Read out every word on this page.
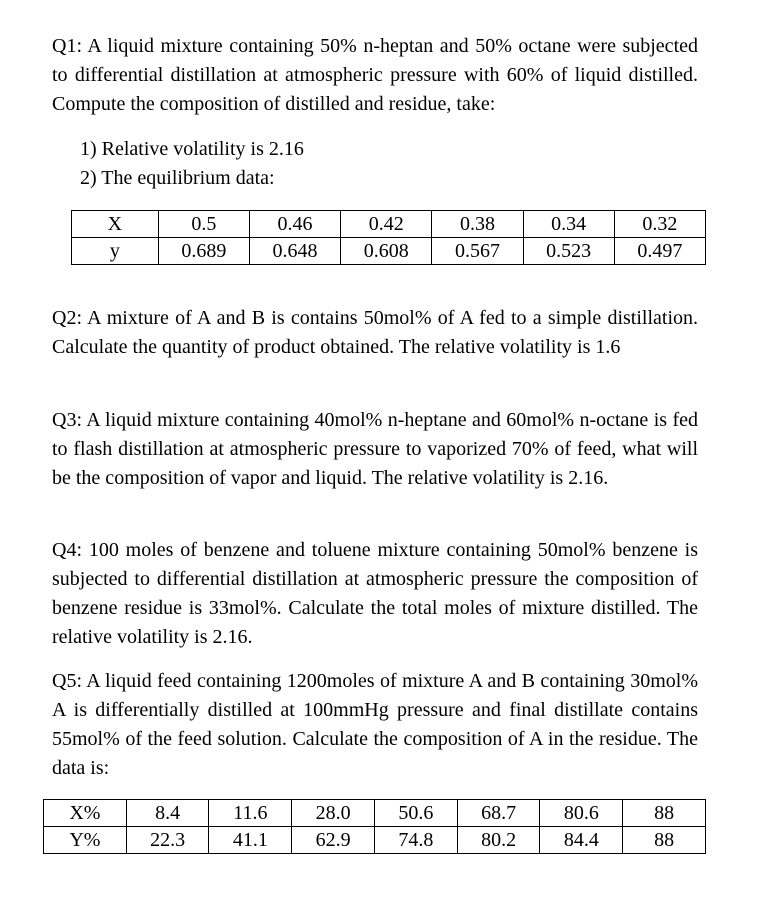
Q1: A liquid mixture containing 50% n-heptan and 50% octane were subjected to differential distillation at atmospheric pressure with 60% of liquid distilled. Compute the composition of distilled and residue, take:

1) Relative volatility is 2.16
2) The equilibrium data:
X	0.5	0.46	0.42	0.38	0.34	0.32
y	0.689	0.648	0.608	0.567	0.523	0.497

Q2: A mixture of A and B is contains 50mol% of A fed to a simple distillation. Calculate the quantity of product obtained. The relative volatility is 1.6

Q3: A liquid mixture containing 40mol% n-heptane and 60mol% n-octane is fed to flash distillation at atmospheric pressure to vaporized 70% of feed, what will be the composition of vapor and liquid. The relative volatility is 2.16.

Q4: 100 moles of benzene and toluene mixture containing 50mol% benzene is subjected to differential distillation at atmospheric pressure the composition of benzene residue is 33mol%. Calculate the total moles of mixture distilled. The relative volatility is 2.16.

Q5: A liquid feed containing 1200moles of mixture A and B containing 30mol% A is differentially distilled at 100mmHg pressure and final distillate contains 55mol% of the feed solution. Calculate the composition of A in the residue. The data is:

X%	8.4	11.6	28.0	50.6	68.7	80.6	88
Y%	22.3	41.1	62.9	74.8	80.2	84.4	88
